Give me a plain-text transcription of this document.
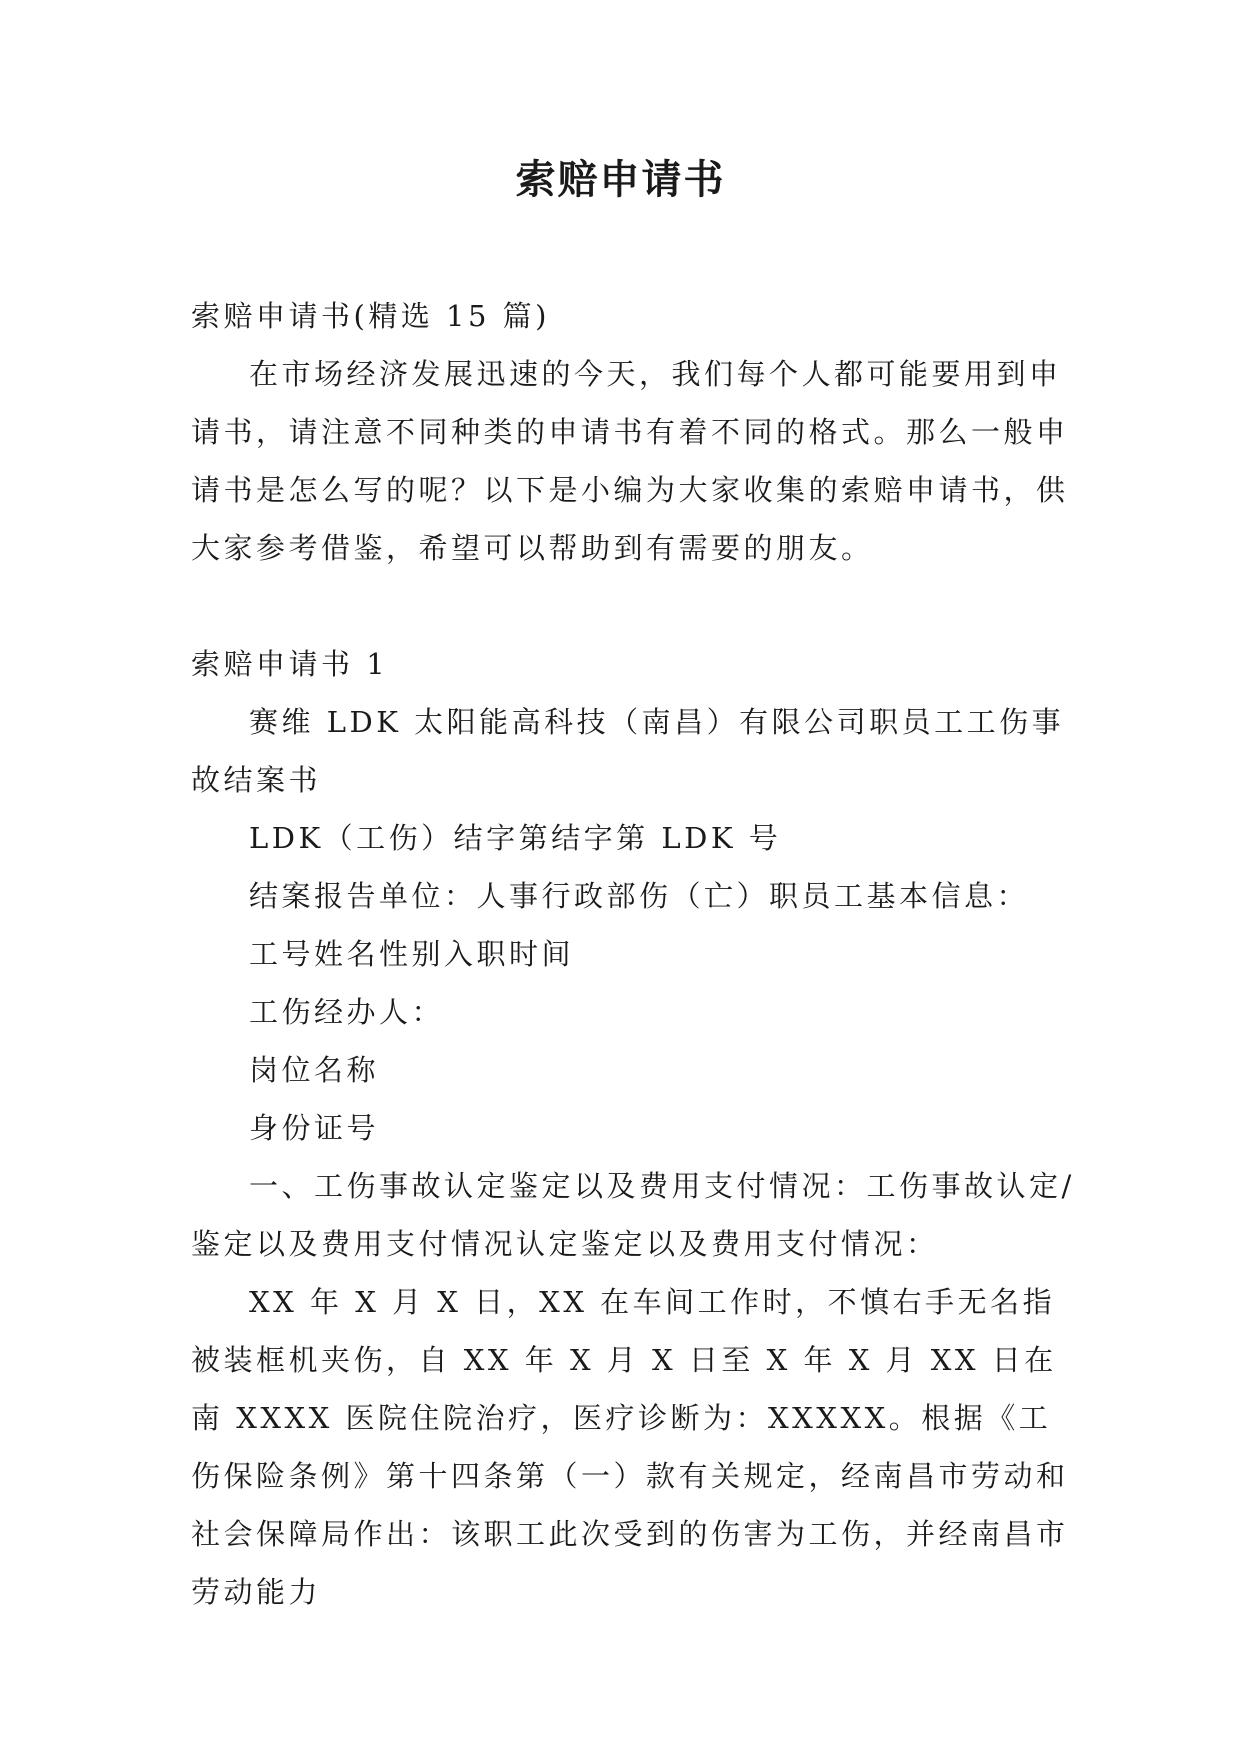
索赔申请书

索赔申请书(精选 15 篇)

在市场经济发展迅速的今天，我们每个人都可能要用到申请书，请注意不同种类的申请书有着不同的格式。那么一般申请书是怎么写的呢？以下是小编为大家收集的索赔申请书，供大家参考借鉴，希望可以帮助到有需要的朋友。

索赔申请书 1

赛维 LDK 太阳能高科技（南昌）有限公司职员工工伤事故结案书

LDK（工伤）结字第结字第 LDK 号

结案报告单位：人事行政部伤（亡）职员工基本信息：

工号姓名性别入职时间

工伤经办人：

岗位名称

身份证号

一、工伤事故认定鉴定以及费用支付情况：工伤事故认定/鉴定以及费用支付情况认定鉴定以及费用支付情况：

XX 年 X 月 X 日，XX 在车间工作时，不慎右手无名指被装框机夹伤，自 XX 年 X 月 X 日至 X 年 X 月 XX 日在南 XXXX 医院住院治疗，医疗诊断为：XXXXX。根据《工伤保险条例》第十四条第（一）款有关规定，经南昌市劳动和社会保障局作出：该职工此次受到的伤害为工伤，并经南昌市劳动能力
